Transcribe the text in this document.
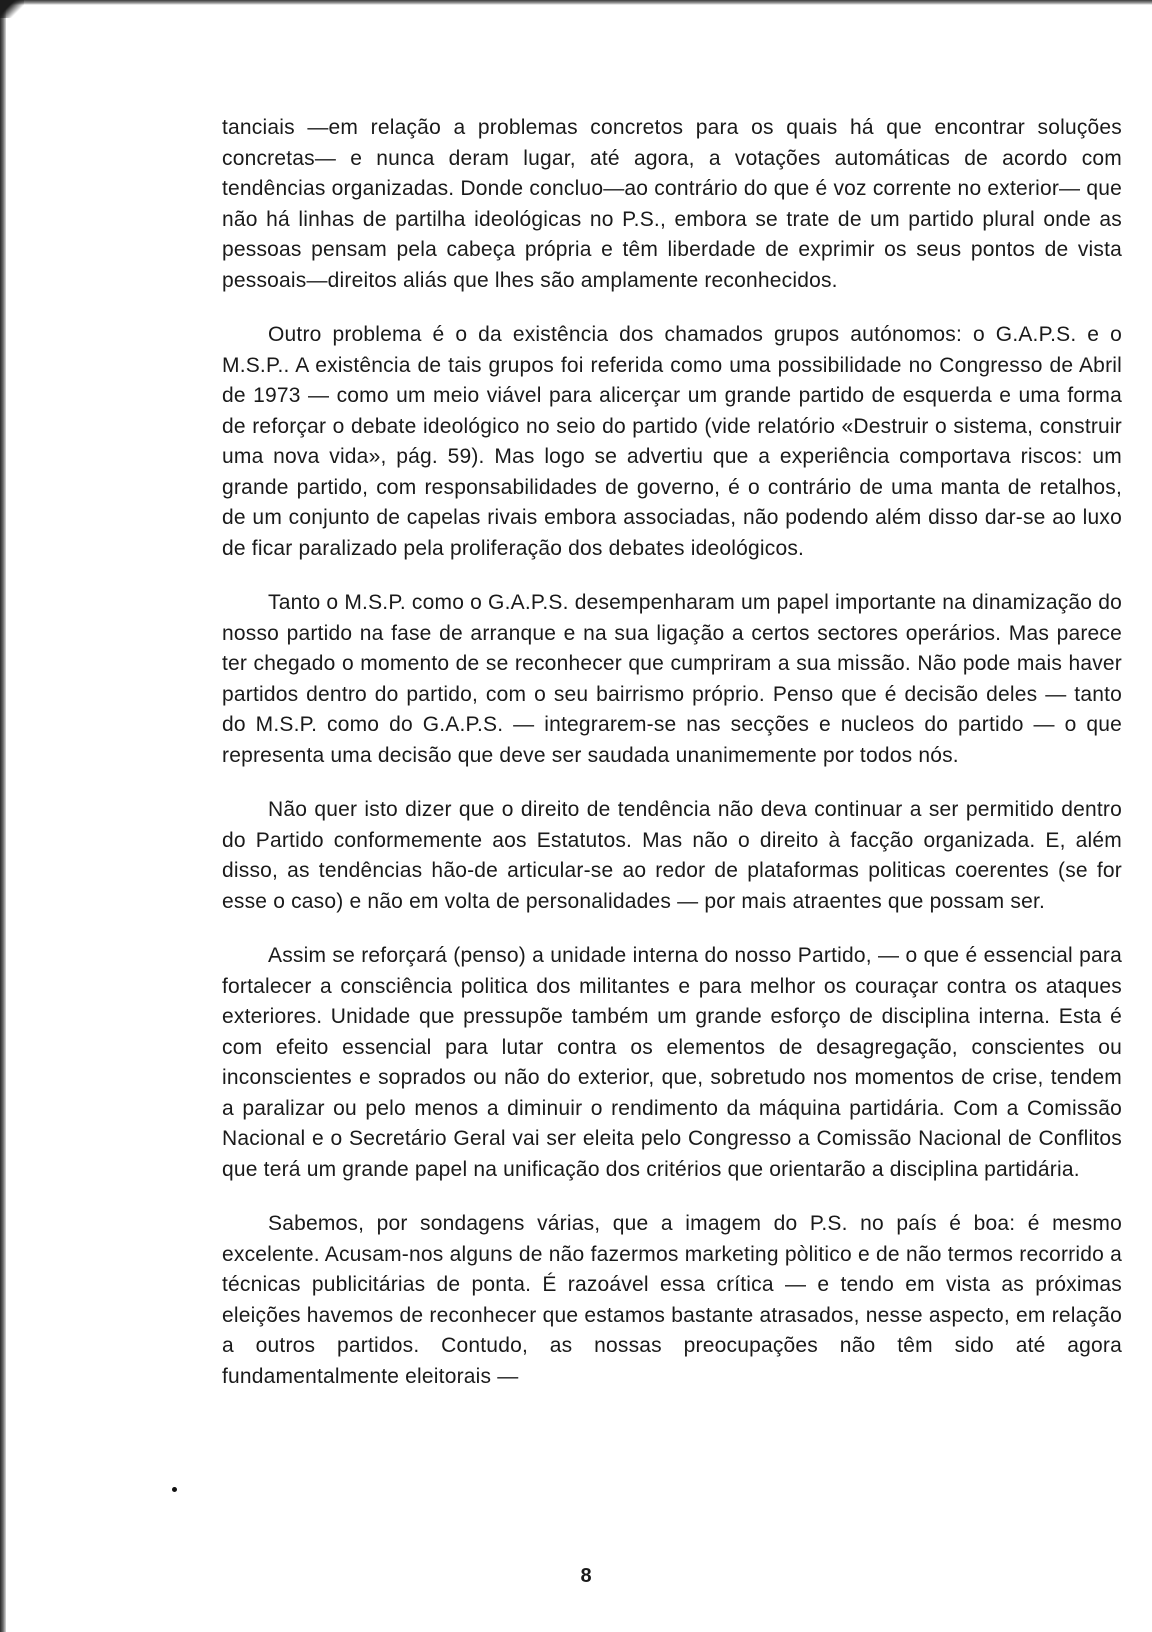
tanciais —em relação a problemas concretos para os quais há que encontrar soluções concretas— e nunca deram lugar, até agora, a votações automáticas de acordo com tendências organizadas. Donde concluo—ao contrário do que é voz corrente no exterior— que não há linhas de partilha ideológicas no P.S., embora se trate de um partido plural onde as pessoas pensam pela cabeça própria e têm liberdade de exprimir os seus pontos de vista pessoais—direitos aliás que lhes são amplamente reconhecidos.

Outro problema é o da existência dos chamados grupos autónomos: o G.A.P.S. e o M.S.P.. A existência de tais grupos foi referida como uma possibilidade no Congresso de Abril de 1973 — como um meio viável para alicerçar um grande partido de esquerda e uma forma de reforçar o debate ideológico no seio do partido (vide relatório «Destruir o sistema, construir uma nova vida», pág. 59). Mas logo se advertiu que a experiência comportava riscos: um grande partido, com responsabilidades de governo, é o contrário de uma manta de retalhos, de um conjunto de capelas rivais embora associadas, não podendo além disso dar-se ao luxo de ficar paralizado pela proliferação dos debates ideológicos.

Tanto o M.S.P. como o G.A.P.S. desempenharam um papel importante na dinamização do nosso partido na fase de arranque e na sua ligação a certos sectores operários. Mas parece ter chegado o momento de se reconhecer que cumpriram a sua missão. Não pode mais haver partidos dentro do partido, com o seu bairrismo próprio. Penso que é decisão deles — tanto do M.S.P. como do G.A.P.S. — integrarem-se nas secções e nucleos do partido — o que representa uma decisão que deve ser saudada unanimemente por todos nós.

Não quer isto dizer que o direito de tendência não deva continuar a ser permitido dentro do Partido conformemente aos Estatutos. Mas não o direito à facção organizada. E, além disso, as tendências hão-de articular-se ao redor de plataformas politicas coerentes (se for esse o caso) e não em volta de personalidades — por mais atraentes que possam ser.

Assim se reforçará (penso) a unidade interna do nosso Partido, — o que é essencial para fortalecer a consciência politica dos militantes e para melhor os couraçar contra os ataques exteriores. Unidade que pressupõe também um grande esforço de disciplina interna. Esta é com efeito essencial para lutar contra os elementos de desagregação, conscientes ou inconscientes e soprados ou não do exterior, que, sobretudo nos momentos de crise, tendem a paralizar ou pelo menos a diminuir o rendimento da máquina partidária. Com a Comissão Nacional e o Secretário Geral vai ser eleita pelo Congresso a Comissão Nacional de Conflitos que terá um grande papel na unificação dos critérios que orientarão a disciplina partidária.

Sabemos, por sondagens várias, que a imagem do P.S. no país é boa: é mesmo excelente. Acusam-nos alguns de não fazermos marketing pòlitico e de não termos recorrido a técnicas publicitárias de ponta. É razoável essa crítica — e tendo em vista as próximas eleições havemos de reconhecer que estamos bastante atrasados, nesse aspecto, em relação a outros partidos. Contudo, as nossas preocupações não têm sido até agora fundamentalmente eleitorais —

8
